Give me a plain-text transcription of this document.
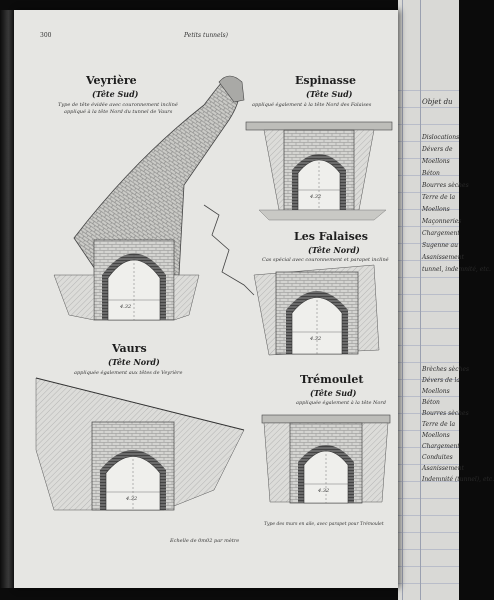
Objet du
Dislocations
Dévers de
Moellons
Béton
Bourres sèches
Terre de la
Moellons
Maçonneries
Chargement
Sugenne au
Asanissement
tunnel, indemnité, etc.
Brèches sèches
Dévers de la
Moellons
Béton
Bourres sèches
Terre de la
Moellons
Chargement
Conduites
Asanissement
Indemnité (tunnel), etc.
300	Petits tunnels)
Veyrière
(Tête Sud)
Type de tête évidée avec couronnement incliné
appliqué à la tête Nord du tunnel de Vaurs
4.32
Espinasse
(Tête Sud)
appliqué également à la tête Nord des Falaises
4.32
Les Falaises
(Tête Nord)
Cas spécial avec couronnement et parapet incliné
4.32
Vaurs
(Tête Nord)
appliquée également aux têtes de Veyrière
4.32
Trémoulet
(Tête Sud)
appliquée également à la tête Nord
4.32
Echelle de 0m02 par mètre
Type des murs en aile, avec parapet pour Trémoulet
